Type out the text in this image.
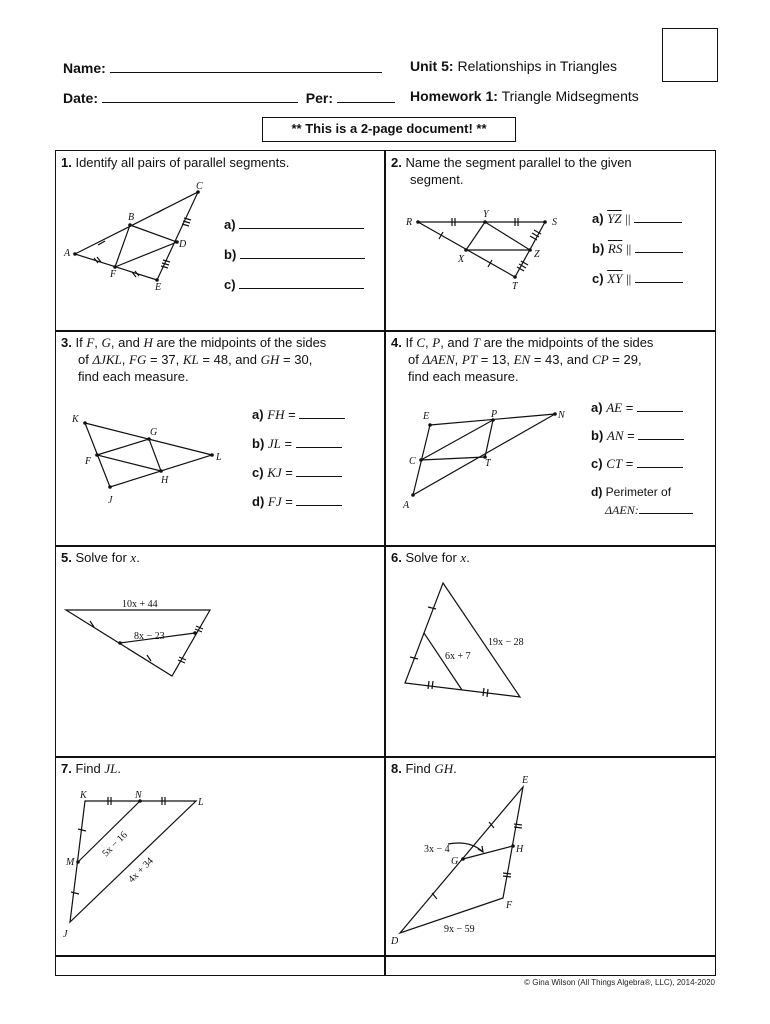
Name:
Date:	Per:
Unit 5: Relationships in Triangles
Homework 1: Triangle Midsegments
** This is a 2-page document! **
1. Identify all pairs of parallel segments.
A
B
C
D
E
F
a)
b)
c)
2. Name the segment parallel to the given
segment.
R
Y
S
X	Z
T
a) $\overline{YZ}$ ||
b) $\overline{RS}$ ||
c) $\overline{XY}$ ||
3. If F, G, and H are the midpoints of the sides
of ΔJKL, FG = 37, KL = 48, and GH = 30,
find each measure.
K
G
F	L
H
J
a) FH =
b) JL =
c) KJ =
d) FJ =
4. If C, P, and T are the midpoints of the sides
of ΔAEN, PT = 13, EN = 43, and CP = 29,
find each measure.
E	P	N
C	T
A
a) AE =
b) AN =
c) CT =
d) Perimeter of
ΔAEN:
5. Solve for x.
10x + 44
8x − 23
6. Solve for x.
19x − 28
6x + 7
7. Find JL.
K	N
L
M
J
5x − 16
4x + 34
8. Find GH.
E
G
H
F
D
3x − 4
9x − 59
© Gina Wilson (All Things Algebra®, LLC), 2014-2020
